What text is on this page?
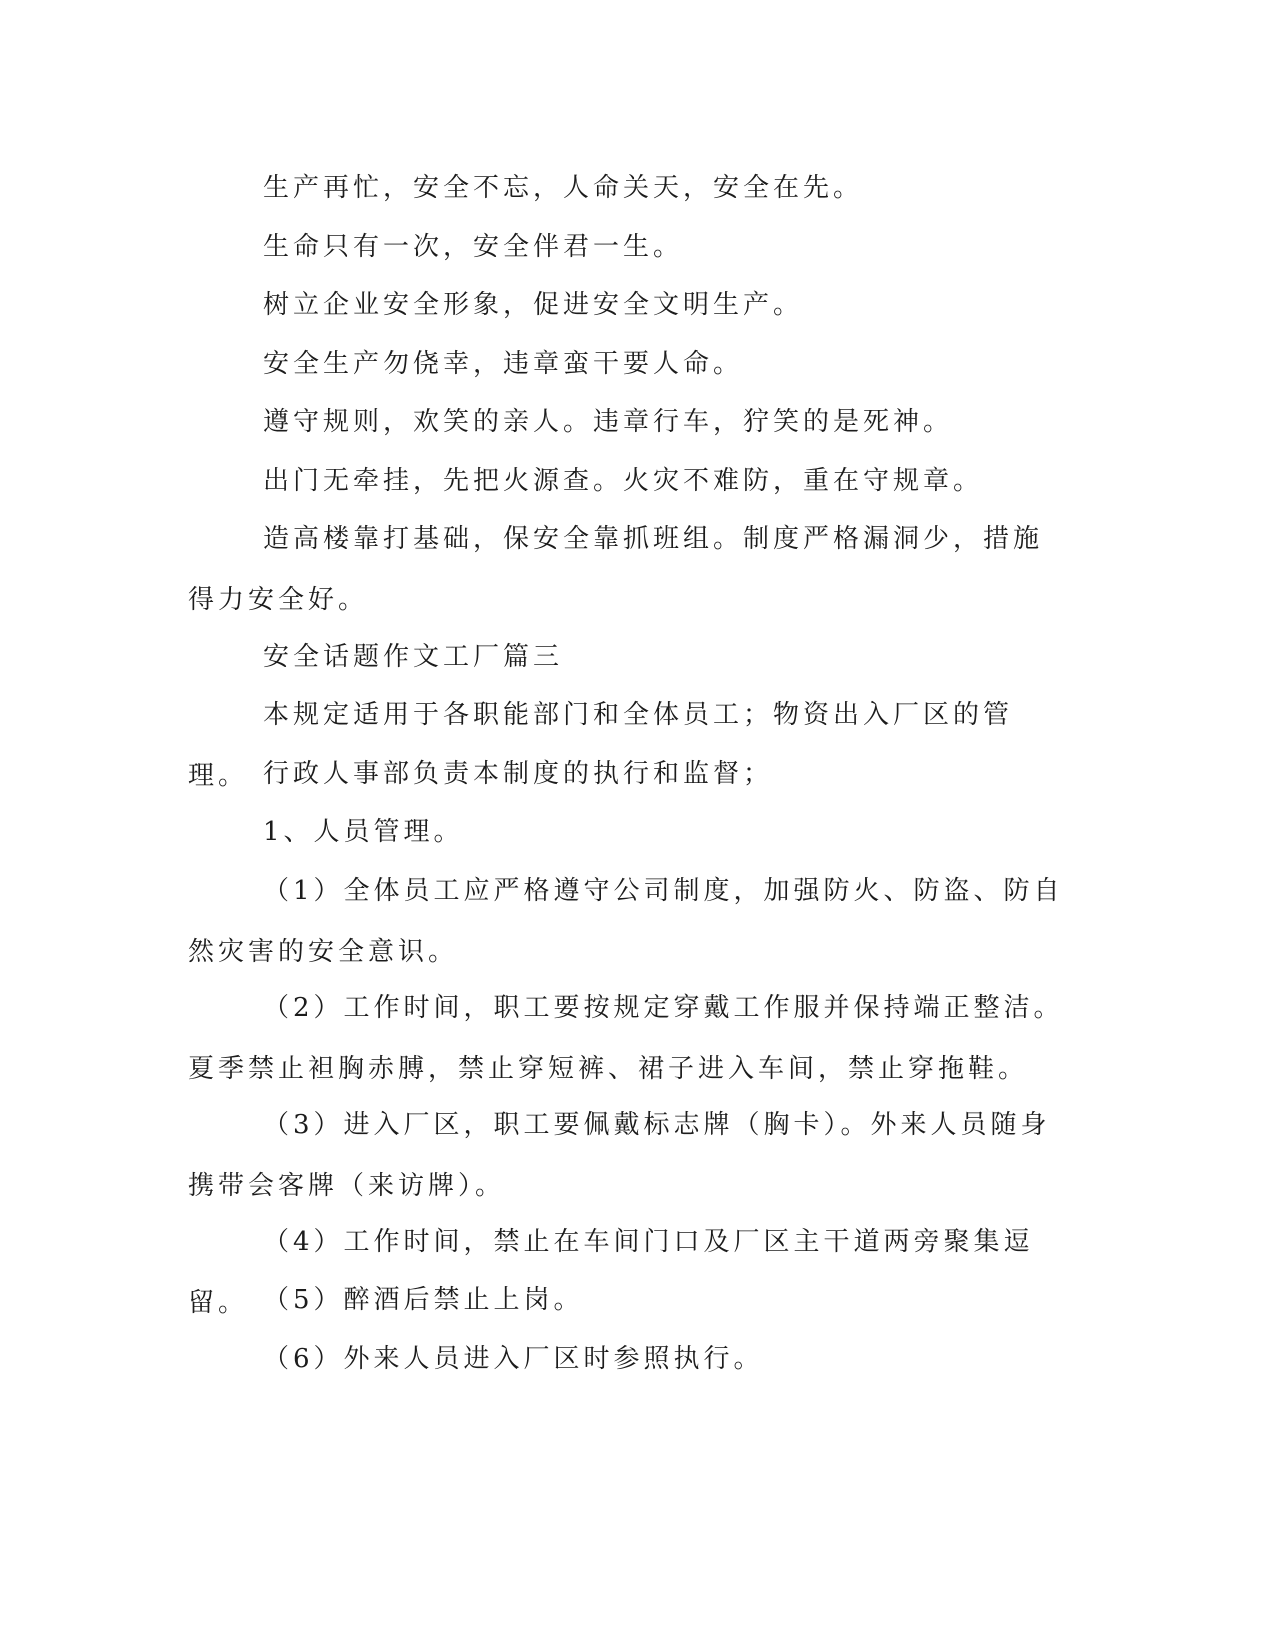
生产再忙，安全不忘，人命关天，安全在先。

生命只有一次，安全伴君一生。

树立企业安全形象，促进安全文明生产。

安全生产勿侥幸，违章蛮干要人命。

遵守规则，欢笑的亲人。违章行车，狞笑的是死神。

出门无牵挂，先把火源查。火灾不难防，重在守规章。

造高楼靠打基础，保安全靠抓班组。制度严格漏洞少，措施得力安全好。

安全话题作文工厂篇三

本规定适用于各职能部门和全体员工；物资出入厂区的管理。 行政人事部负责本制度的执行和监督；

1、人员管理。

（1）全体员工应严格遵守公司制度，加强防火、防盗、防自然灾害的安全意识。

（2）工作时间，职工要按规定穿戴工作服并保持端正整洁。夏季禁止袒胸赤膊，禁止穿短裤、裙子进入车间，禁止穿拖鞋。

（3）进入厂区，职工要佩戴标志牌（胸卡）。外来人员随身携带会客牌（来访牌）。

（4）工作时间，禁止在车间门口及厂区主干道两旁聚集逗留。 （5）醉酒后禁止上岗。

（6）外来人员进入厂区时参照执行。
